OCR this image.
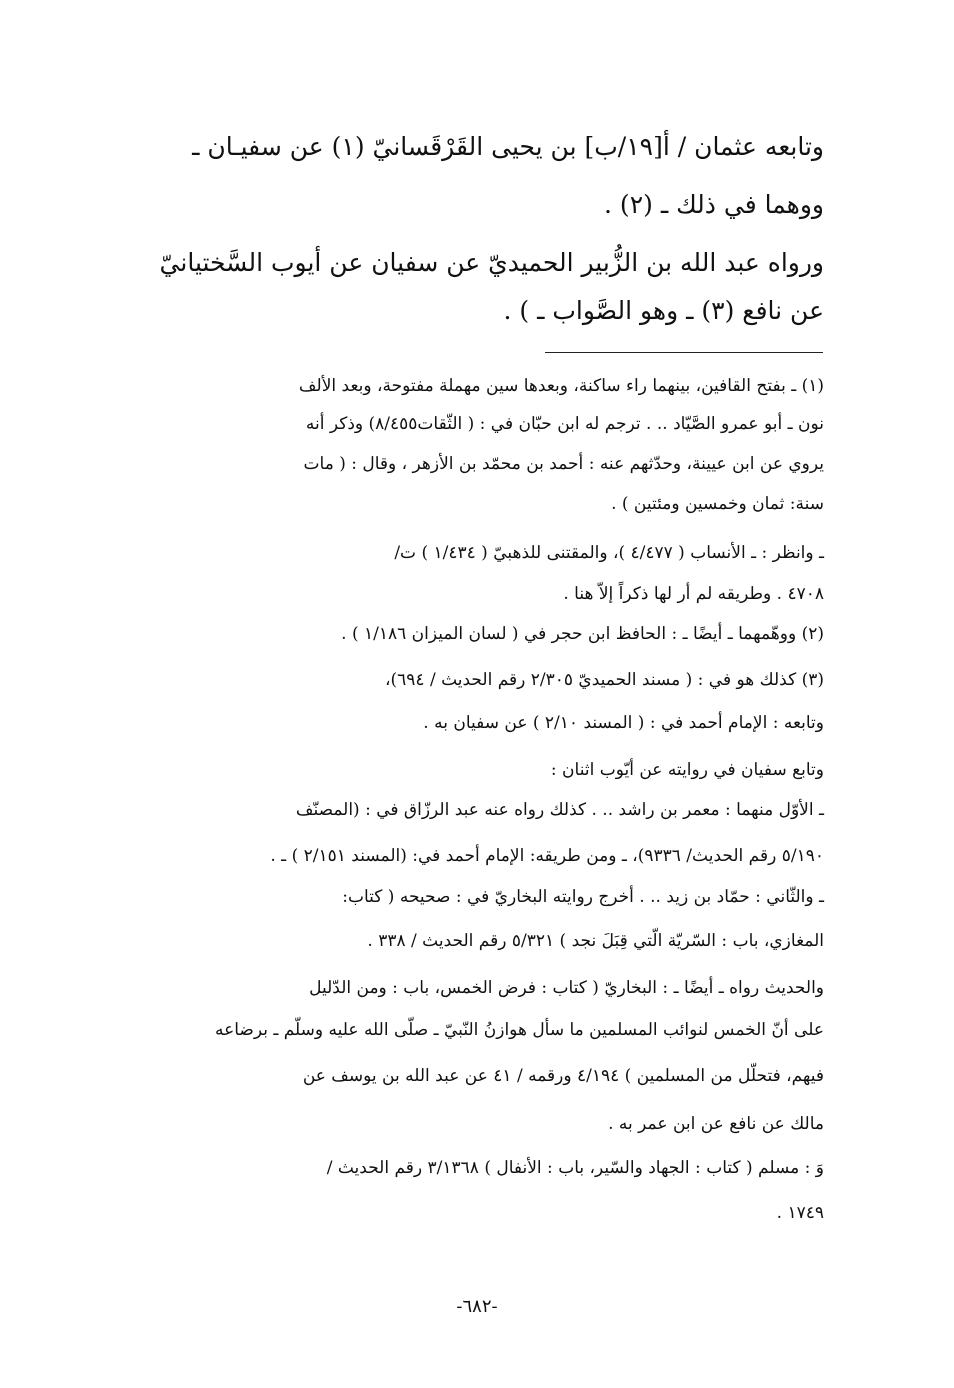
وتابعه عثمان / أ[١٩/ب] بن يحيى القَرْقَسانيّ (١) عن سفيـان ـ
ووهما في ذلك ـ (٢) .
ورواه عبد الله بن الزُّبير الحميديّ عن سفيان عن أيوب السَّختيانيّ
عن نافع (٣) ـ وهو الصَّواب ـ ) .
(١) ـ بفتح القافين، بينهما راء ساكنة، وبعدها سين مهملة مفتوحة، وبعد الألف
نون ـ أبو عمرو الصَّيّاد .. . ترجم له ابن حبّان في : ( الثّقات٨/٤٥٥) وذكر أنه
يروي عن ابن عيينة، وحدّثهم عنه : أحمد بن محمّد بن الأزهر ، وقال : ( مات
سنة: ثمان وخمسين ومئتين ) .
ـ وانظر : ـ الأنساب ( ٤/٤٧٧ )، والمقتنى للذهبيّ ( ١/٤٣٤ ) ت/
٤٧٠٨ . وطريقه لم أر لها ذكراً إلاّ هنا .
(٢) ووهّمهما ـ أيضًا ـ : الحافظ ابن حجر في ( لسان الميزان ١/١٨٦ ) .
(٣) كذلك هو في : ( مسند الحميديّ ٢/٣٠٥ رقم الحديث / ٦٩٤)،
وتابعه : الإمام أحمد في : ( المسند ٢/١٠ ) عن سفيان به .
وتابع سفيان في روايته عن أيّوب اثنان :
ـ الأوّل منهما : معمر بن راشد .. . كذلك رواه عنه عبد الرزّاق في : (المصنّف
٥/١٩٠ رقم الحديث/ ٩٣٣٦)، ـ ومن طريقه: الإمام أحمد في: (المسند ٢/١٥١ ) ـ .
ـ والثّاني : حمّاد بن زيد .. . أخرج روايته البخاريّ في : صحيحه ( كتاب:
المغازي، باب : السّريّة الّتي قِبَلَ نجد ) ٥/٣٢١ رقم الحديث / ٣٣٨ .
والحديث رواه ـ أيضًا ـ : البخاريّ ( كتاب : فرض الخمس، باب : ومن الدّليل
على أنّ الخمس لنوائب المسلمين ما سأل هوازنُ النّبيّ ـ صلّى الله عليه وسلّم ـ برضاعه
فيهم، فتحلّل من المسلمين ) ٤/١٩٤ ورقمه / ٤١ عن عبد الله بن يوسف عن
مالك عن نافع عن ابن عمر به .
وَ : مسلم ( كتاب : الجهاد والسّير، باب : الأنفال ) ٣/١٣٦٨ رقم الحديث /
١٧٤٩ .
-٦٨٢-
